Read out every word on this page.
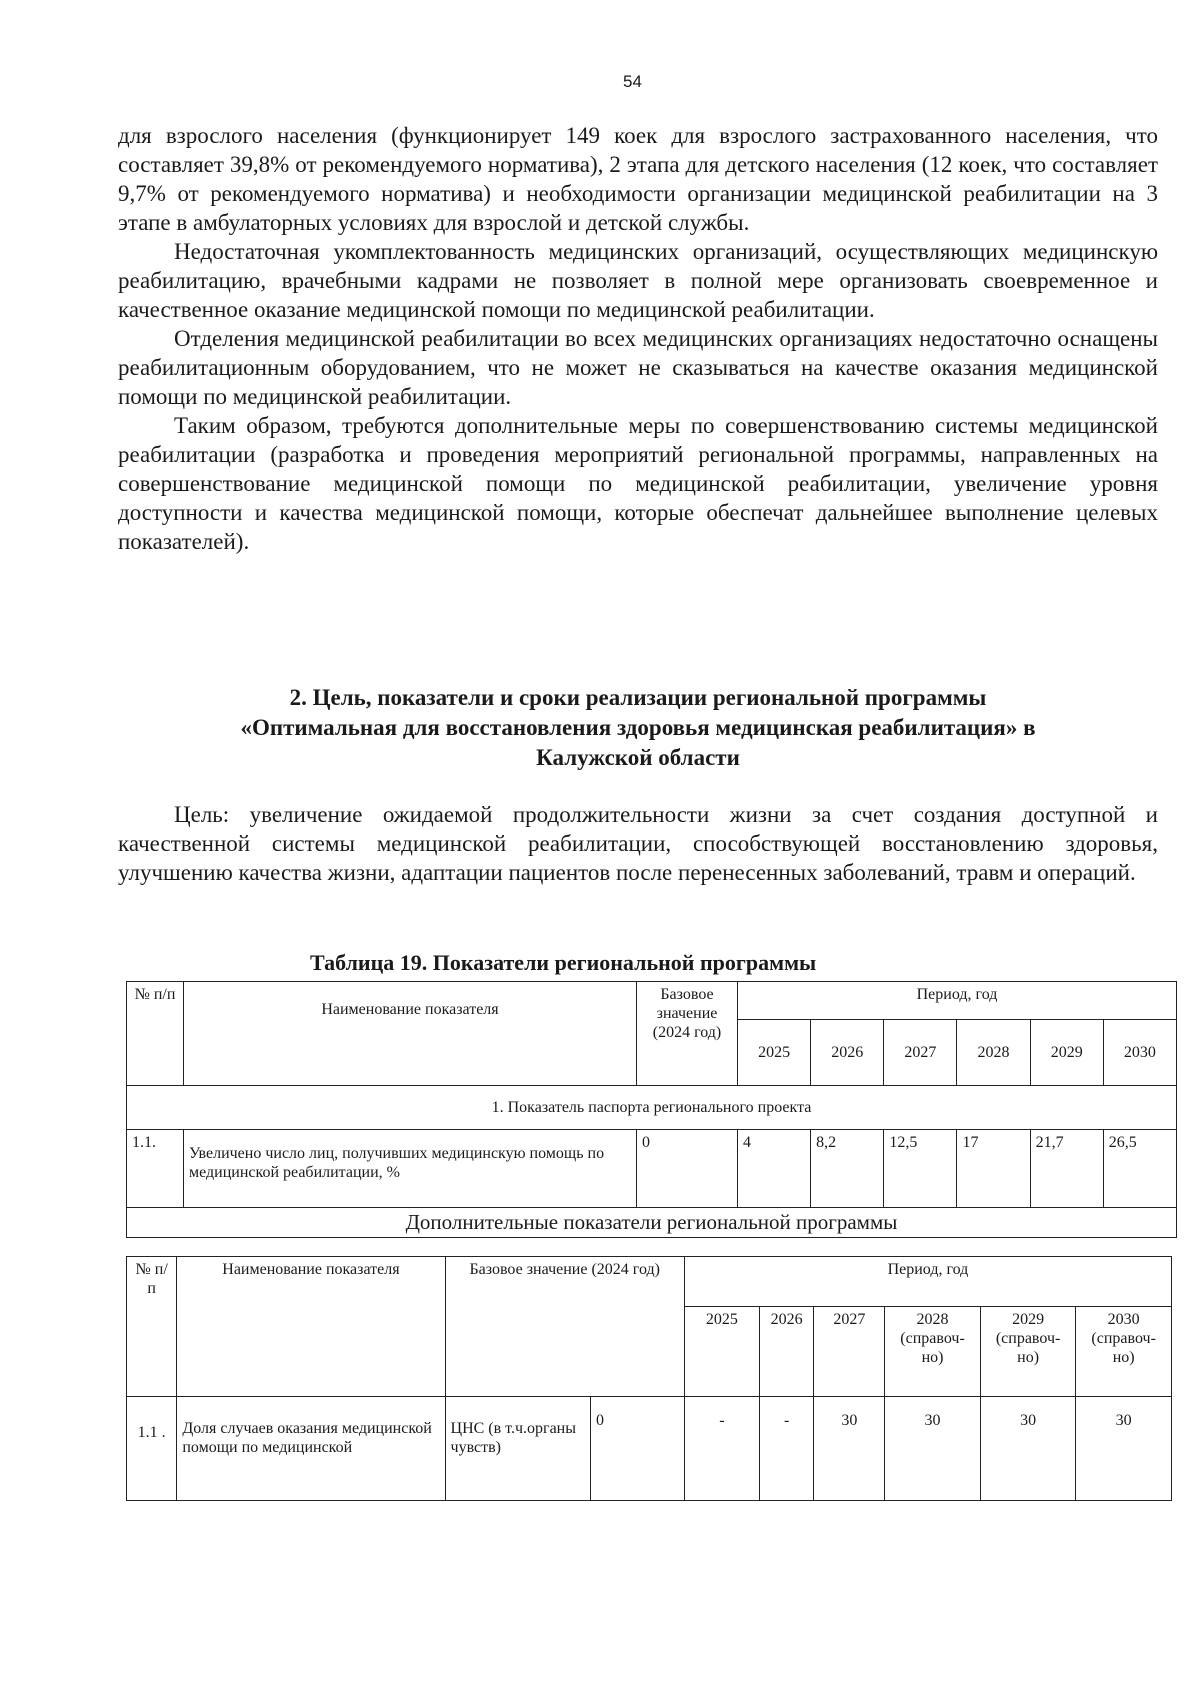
54

для взрослого населения (функционирует 149 коек для взрослого застрахованного населения, что составляет 39,8% от рекомендуемого норматива), 2 этапа для детского населения (12 коек, что составляет 9,7% от рекомендуемого норматива) и необходимости организации медицинской реабилитации на 3 этапе в амбулаторных условиях для взрослой и детской службы.

Недостаточная укомплектованность медицинских организаций, осуществляющих медицинскую реабилитацию, врачебными кадрами не позволяет в полной мере организовать своевременное и качественное оказание медицинской помощи по медицинской реабилитации.

Отделения медицинской реабилитации во всех медицинских организациях недостаточно оснащены реабилитационным оборудованием, что не может не сказываться на качестве оказания медицинской помощи по медицинской реабилитации.

Таким образом, требуются дополнительные меры по совершенствованию системы медицинской реабилитации (разработка и проведения мероприятий региональной программы, направленных на совершенствование медицинской помощи по медицинской реабилитации, увеличение уровня доступности и качества медицинской помощи, которые обеспечат дальнейшее выполнение целевых показателей).

2. Цель, показатели и сроки реализации региональной программы
«Оптимальная для восстановления здоровья медицинская реабилитация» в
Калужской области

Цель: увеличение ожидаемой продолжительности жизни за счет создания доступной и качественной системы медицинской реабилитации, способствующей восстановлению здоровья, улучшению качества жизни, адаптации пациентов после перенесенных заболеваний, травм и операций.

Таблица 19. Показатели региональной программы
№ п/п	Наименование показателя	Базовое значение (2024 год)	Период, год					
			2025	2026	2027	2028	2029	2030
1. Показатель паспорта регионального проекта								
1.1.	Увеличено число лиц, получивших медицинскую помощь по медицинской реабилитации, %	0	4	8,2	12,5	17	21,7	26,5
Дополнительные показатели региональной программы								
№ п/п	Наименование показателя	Базовое значение (2024 год)		Период, год					
				2025	2026	2027	2028 (справоч-но)	2029 (справоч-но)	2030 (справоч-но)
1.1 .	Доля случаев оказания медицинской помощи по медицинской	ЦНС (в т.ч.органы чувств)	0	-	-	30	30	30	30
